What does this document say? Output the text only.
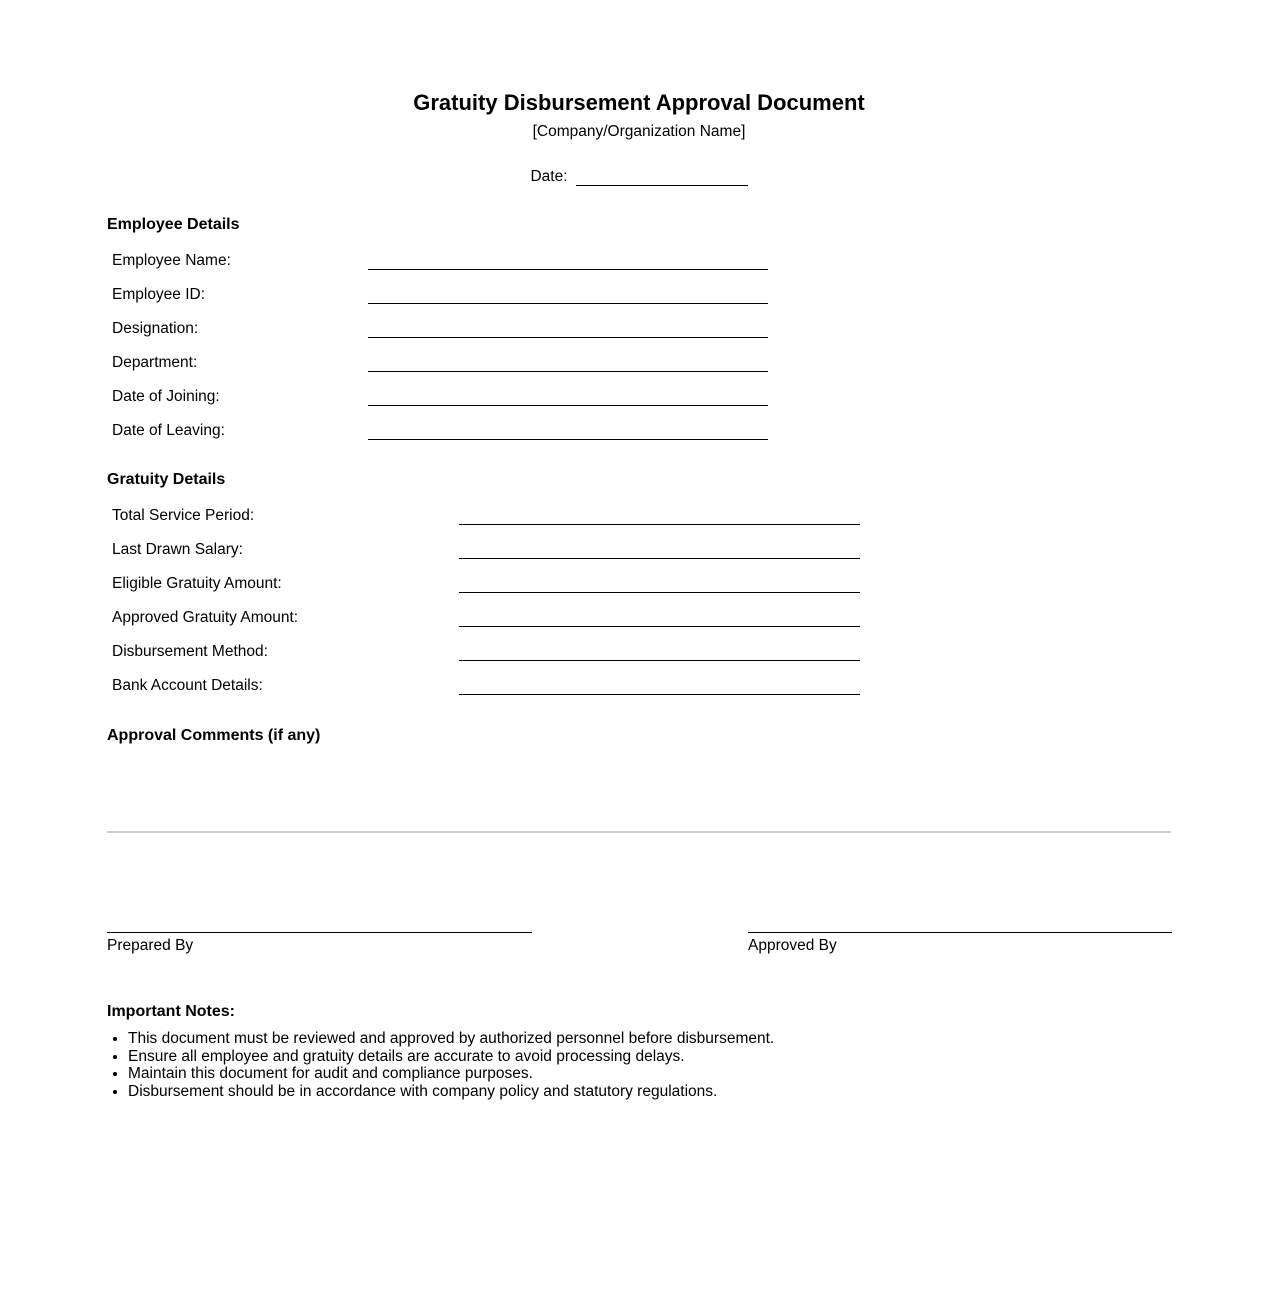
Gratuity Disbursement Approval Document
[Company/Organization Name]
Date:
Employee Details
Employee Name:
Employee ID:
Designation:
Department:
Date of Joining:
Date of Leaving:
Gratuity Details
Total Service Period:
Last Drawn Salary:
Eligible Gratuity Amount:
Approved Gratuity Amount:
Disbursement Method:
Bank Account Details:
Approval Comments (if any)
Prepared By	Approved By
Important Notes:
• This document must be reviewed and approved by authorized personnel before disbursement.
• Ensure all employee and gratuity details are accurate to avoid processing delays.
• Maintain this document for audit and compliance purposes.
• Disbursement should be in accordance with company policy and statutory regulations.
